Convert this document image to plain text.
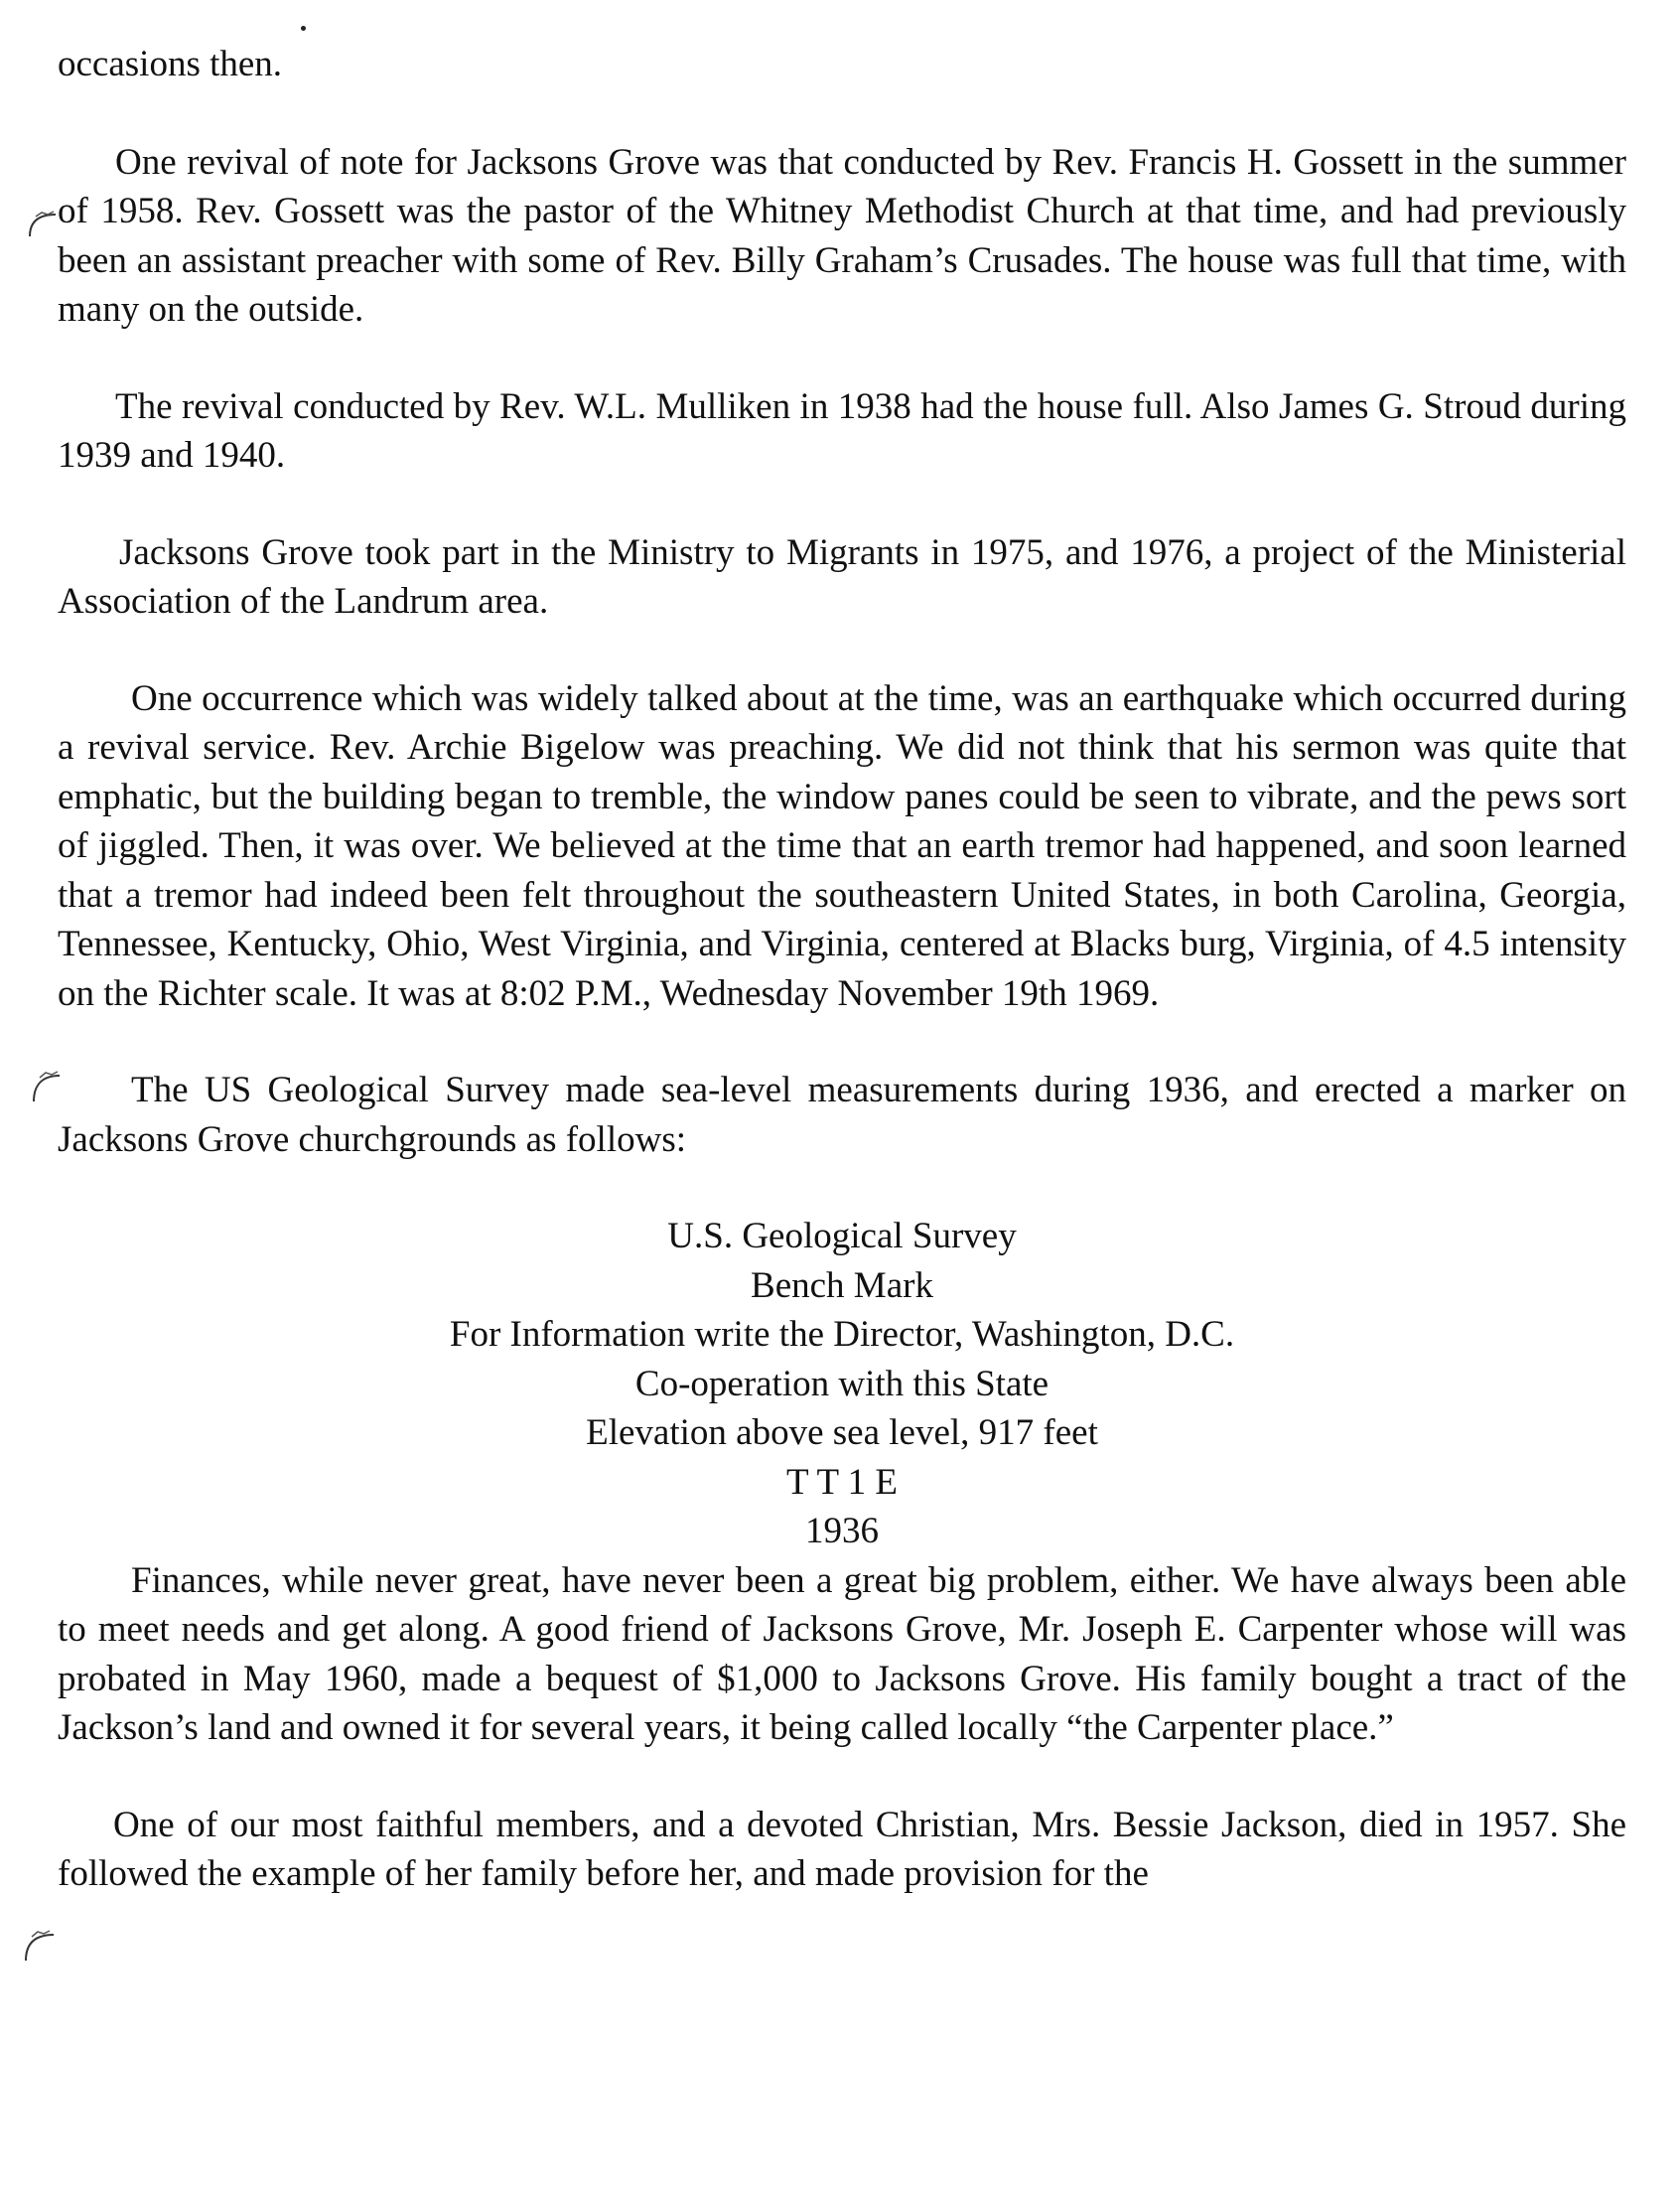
occasions then.

One revival of note for Jacksons Grove was that conducted by Rev. Francis H. Gossett in the summer of 1958. Rev. Gossett was the pastor of the Whitney Methodist Church at that time, and had previously been an assistant preacher with some of Rev. Billy Graham’s Crusades. The house was full that time, with many on the outside.

The revival conducted by Rev. W.L. Mulliken in 1938 had the house full. Also James G. Stroud during 1939 and 1940.

Jacksons Grove took part in the Ministry to Migrants in 1975, and 1976, a project of the Ministerial Association of the Landrum area.

One occurrence which was widely talked about at the time, was an earthquake which occurred during a revival service. Rev. Archie Bigelow was preaching. We did not think that his sermon was quite that emphatic, but the building began to tremble, the window panes could be seen to vibrate, and the pews sort of jiggled. Then, it was over. We believed at the time that an earth tremor had happened, and soon learned that a tremor had indeed been felt throughout the southeastern United States, in both Carolina, Georgia, Tennessee, Kentucky, Ohio, West Virginia, and Virginia, centered at Blacks burg, Virginia, of 4.5 intensity on the Richter scale. It was at 8:02 P.M., Wednesday November 19th 1969.

The US Geological Survey made sea-level measurements during 1936, and erected a marker on Jacksons Grove churchgrounds as follows:

U.S. Geological Survey
Bench Mark
For Information write the Director, Washington, D.C.
Co-operation with this State
Elevation above sea level, 917 feet
T T 1 E
1936

Finances, while never great, have never been a great big problem, either. We have always been able to meet needs and get along. A good friend of Jacksons Grove, Mr. Joseph E. Carpenter whose will was probated in May 1960, made a bequest of $1,000 to Jacksons Grove. His family bought a tract of the Jackson’s land and owned it for several years, it being called locally “the Carpenter place.”

One of our most faithful members, and a devoted Christian, Mrs. Bessie Jackson, died in 1957. She followed the example of her family before her, and made provision for the
